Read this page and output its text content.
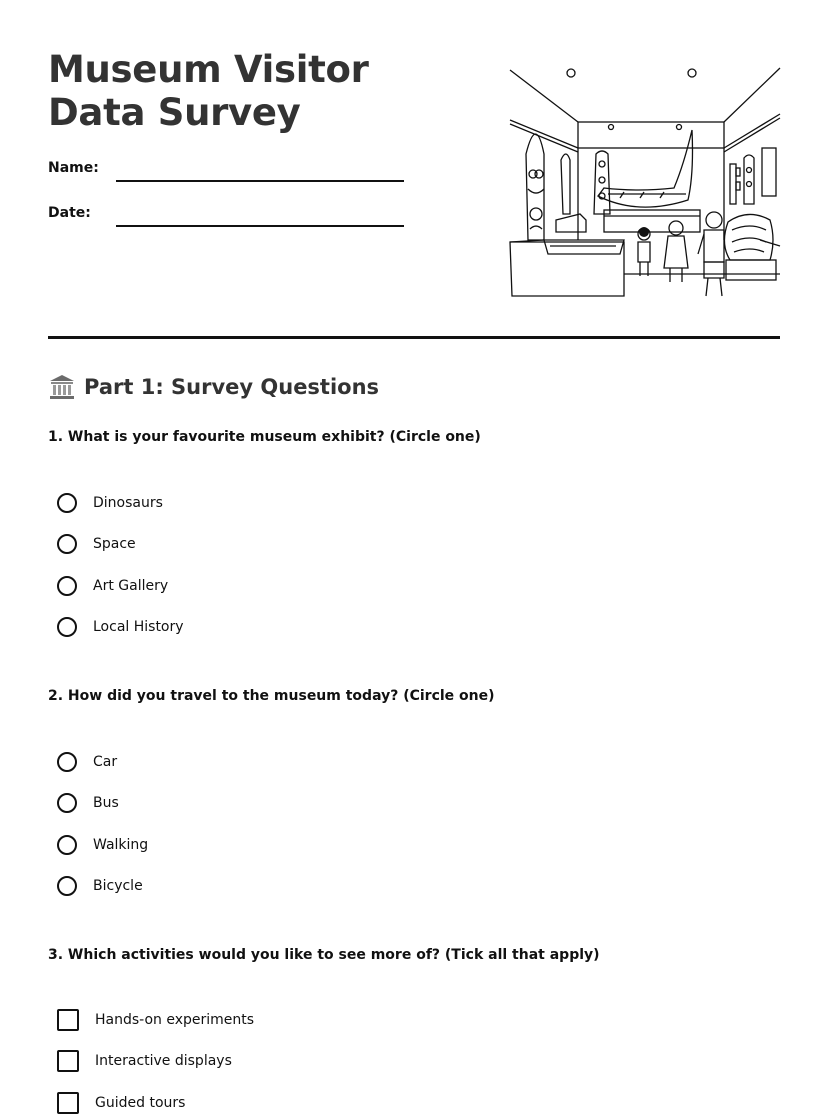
Museum Visitor Data Survey
Name:
Date:
Part 1: Survey Questions

1. What is your favourite museum exhibit? (Circle one)

Dinosaurs
Space
Art Gallery
Local History

2. How did you travel to the museum today? (Circle one)

Car
Bus
Walking
Bicycle

3. Which activities would you like to see more of? (Tick all that apply)

Hands-on experiments
Interactive displays
Guided tours
